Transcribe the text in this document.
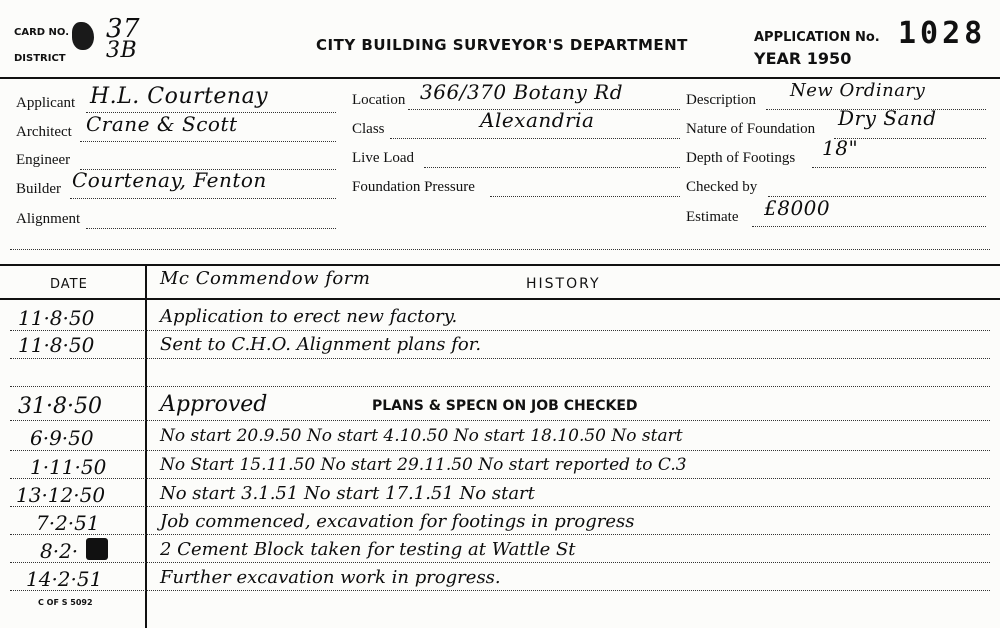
CARD NO. 37
DISTRICT 3B	CITY BUILDING SURVEYOR'S DEPARTMENT	APPLICATION No. 1028
YEAR 1950
Applicant H.L. Courtenay
Architect Crane & Scott
Engineer
Builder Courtenay, Fenton
Alignment
Location 366/370 Botany Rd
Class	Alexandria
Live Load
Foundation Pressure
Description New Ordinary
Nature of Foundation Dry Sand
Depth of Footings 18"
Checked by
Estimate £8000
DATE	Mc Commendow form	HISTORY
11·8·50	Application to erect new factory.
11·8·50	Sent to C.H.O. Alignment plans for.
31·8·50	Approved	PLANS & SPECN ON JOB CHECKED
6·9·50	No start 20.9.50 No start 4.10.50 No start 18.10.50 No start
1·11·50	No Start 15.11.50 No start 29.11.50 No start reported to C.3
13·12·50	No start 3.1.51 No start 17.1.51 No start
7·2·51	Job commenced, excavation for footings in progress
8·2·	2 Cement Block taken for testing at Wattle St
14·2·51	Further excavation work in progress.
C OF S 5092
